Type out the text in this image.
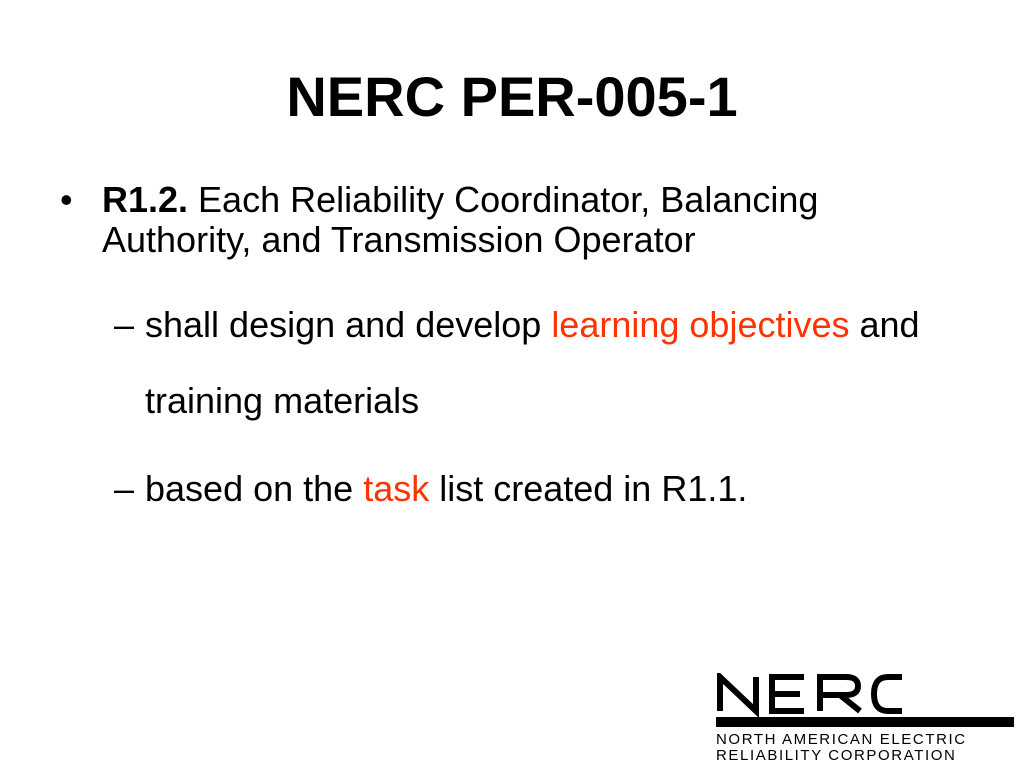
NERC PER-005-1
• R1.2. Each Reliability Coordinator, Balancing Authority, and Transmission Operator
– shall design and develop learning objectives and training materials
– based on the task list created in R1.1.
NORTH AMERICAN ELECTRIC
RELIABILITY CORPORATION
